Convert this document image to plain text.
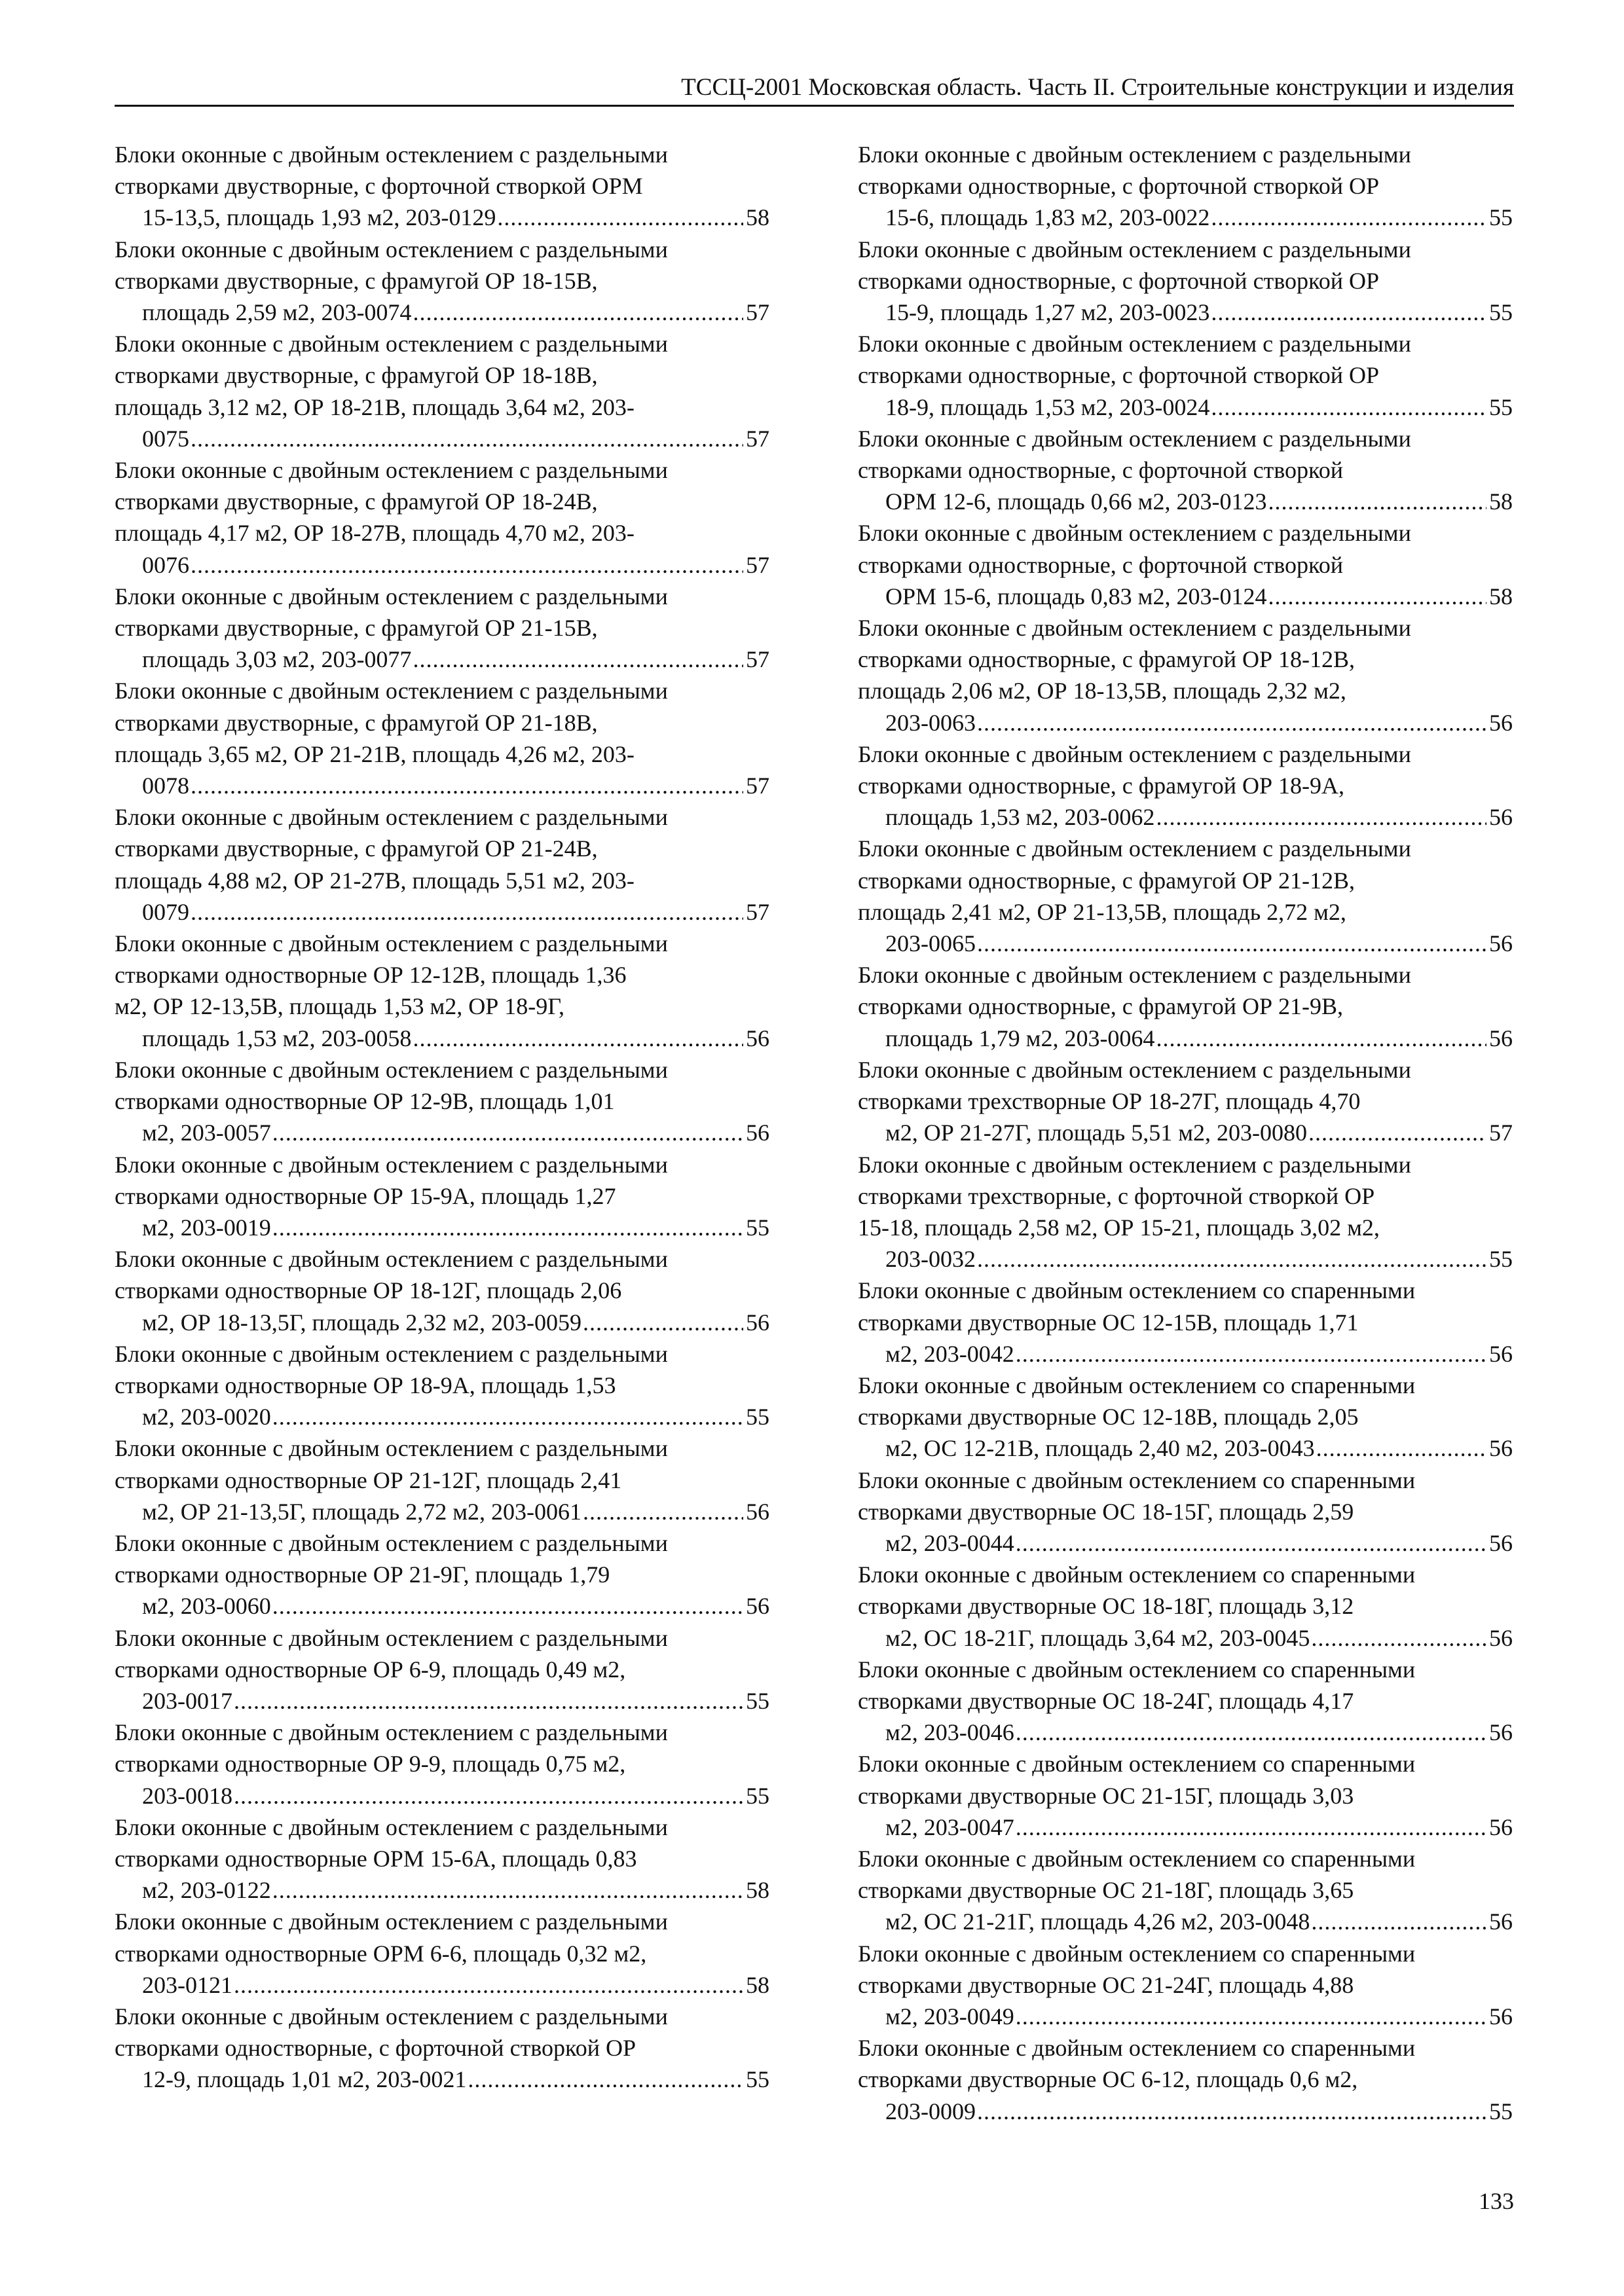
ТССЦ-2001 Московская область. Часть II. Строительные конструкции и изделия
Блоки оконные с двойным остеклением с раздельными
створками двустворные, с форточной створкой ОРМ
15-13,5, площадь 1,93 м2, 203-0129 .....	58
Блоки оконные с двойным остеклением с раздельными
створками двустворные, с фрамугой ОР 18-15В,
площадь 2,59 м2, 203-0074 .....	57
Блоки оконные с двойным остеклением с раздельными
створками двустворные, с фрамугой ОР 18-18В,
площадь 3,12 м2, ОР 18-21В, площадь 3,64 м2, 203-
0075 .....	57
Блоки оконные с двойным остеклением с раздельными
створками двустворные, с фрамугой ОР 18-24В,
площадь 4,17 м2, ОР 18-27В, площадь 4,70 м2, 203-
0076 .....	57
Блоки оконные с двойным остеклением с раздельными
створками двустворные, с фрамугой ОР 21-15В,
площадь 3,03 м2, 203-0077 .....	57
Блоки оконные с двойным остеклением с раздельными
створками двустворные, с фрамугой ОР 21-18В,
площадь 3,65 м2, ОР 21-21В, площадь 4,26 м2, 203-
0078 .....	57
Блоки оконные с двойным остеклением с раздельными
створками двустворные, с фрамугой ОР 21-24В,
площадь 4,88 м2, ОР 21-27В, площадь 5,51 м2, 203-
0079 .....	57
Блоки оконные с двойным остеклением с раздельными
створками одностворные ОР 12-12В, площадь 1,36
м2, ОР 12-13,5В, площадь 1,53 м2, ОР 18-9Г,
площадь 1,53 м2, 203-0058 .....	56
Блоки оконные с двойным остеклением с раздельными
створками одностворные ОР 12-9В, площадь 1,01
м2, 203-0057 .....	56
Блоки оконные с двойным остеклением с раздельными
створками одностворные ОР 15-9А, площадь 1,27
м2, 203-0019 .....	55
Блоки оконные с двойным остеклением с раздельными
створками одностворные ОР 18-12Г, площадь 2,06
м2, ОР 18-13,5Г, площадь 2,32 м2, 203-0059 .....	56
Блоки оконные с двойным остеклением с раздельными
створками одностворные ОР 18-9А, площадь 1,53
м2, 203-0020 .....	55
Блоки оконные с двойным остеклением с раздельными
створками одностворные ОР 21-12Г, площадь 2,41
м2, ОР 21-13,5Г, площадь 2,72 м2, 203-0061 .....	56
Блоки оконные с двойным остеклением с раздельными
створками одностворные ОР 21-9Г, площадь 1,79
м2, 203-0060 .....	56
Блоки оконные с двойным остеклением с раздельными
створками одностворные ОР 6-9, площадь 0,49 м2,
203-0017 .....	55
Блоки оконные с двойным остеклением с раздельными
створками одностворные ОР 9-9, площадь 0,75 м2,
203-0018 .....	55
Блоки оконные с двойным остеклением с раздельными
створками одностворные ОРМ 15-6А, площадь 0,83
м2, 203-0122 .....	58
Блоки оконные с двойным остеклением с раздельными
створками одностворные ОРМ 6-6, площадь 0,32 м2,
203-0121 .....	58
Блоки оконные с двойным остеклением с раздельными
створками одностворные, с форточной створкой ОР
12-9, площадь 1,01 м2, 203-0021 .....	55
Блоки оконные с двойным остеклением с раздельными
створками одностворные, с форточной створкой ОР
15-6, площадь 1,83 м2, 203-0022 .....	55
Блоки оконные с двойным остеклением с раздельными
створками одностворные, с форточной створкой ОР
15-9, площадь 1,27 м2, 203-0023 .....	55
Блоки оконные с двойным остеклением с раздельными
створками одностворные, с форточной створкой ОР
18-9, площадь 1,53 м2, 203-0024 .....	55
Блоки оконные с двойным остеклением с раздельными
створками одностворные, с форточной створкой
ОРМ 12-6, площадь 0,66 м2, 203-0123 .....	58
Блоки оконные с двойным остеклением с раздельными
створками одностворные, с форточной створкой
ОРМ 15-6, площадь 0,83 м2, 203-0124 .....	58
Блоки оконные с двойным остеклением с раздельными
створками одностворные, с фрамугой ОР 18-12В,
площадь 2,06 м2, ОР 18-13,5В, площадь 2,32 м2,
203-0063 .....	56
Блоки оконные с двойным остеклением с раздельными
створками одностворные, с фрамугой ОР 18-9А,
площадь 1,53 м2, 203-0062 .....	56
Блоки оконные с двойным остеклением с раздельными
створками одностворные, с фрамугой ОР 21-12В,
площадь 2,41 м2, ОР 21-13,5В, площадь 2,72 м2,
203-0065 .....	56
Блоки оконные с двойным остеклением с раздельными
створками одностворные, с фрамугой ОР 21-9В,
площадь 1,79 м2, 203-0064 .....	56
Блоки оконные с двойным остеклением с раздельными
створками трехстворные ОР 18-27Г, площадь 4,70
м2, ОР 21-27Г, площадь 5,51 м2, 203-0080 .....	57
Блоки оконные с двойным остеклением с раздельными
створками трехстворные, с форточной створкой ОР
15-18, площадь 2,58 м2, ОР 15-21, площадь 3,02 м2,
203-0032 .....	55
Блоки оконные с двойным остеклением со спаренными
створками двустворные ОС 12-15В, площадь 1,71
м2, 203-0042 .....	56
Блоки оконные с двойным остеклением со спаренными
створками двустворные ОС 12-18В, площадь 2,05
м2, ОС 12-21В, площадь 2,40 м2, 203-0043 .....	56
Блоки оконные с двойным остеклением со спаренными
створками двустворные ОС 18-15Г, площадь 2,59
м2, 203-0044 .....	56
Блоки оконные с двойным остеклением со спаренными
створками двустворные ОС 18-18Г, площадь 3,12
м2, ОС 18-21Г, площадь 3,64 м2, 203-0045 .....	56
Блоки оконные с двойным остеклением со спаренными
створками двустворные ОС 18-24Г, площадь 4,17
м2, 203-0046 .....	56
Блоки оконные с двойным остеклением со спаренными
створками двустворные ОС 21-15Г, площадь 3,03
м2, 203-0047 .....	56
Блоки оконные с двойным остеклением со спаренными
створками двустворные ОС 21-18Г, площадь 3,65
м2, ОС 21-21Г, площадь 4,26 м2, 203-0048 .....	56
Блоки оконные с двойным остеклением со спаренными
створками двустворные ОС 21-24Г, площадь 4,88
м2, 203-0049 .....	56
Блоки оконные с двойным остеклением со спаренными
створками двустворные ОС 6-12, площадь 0,6 м2,
203-0009 .....	55
133
